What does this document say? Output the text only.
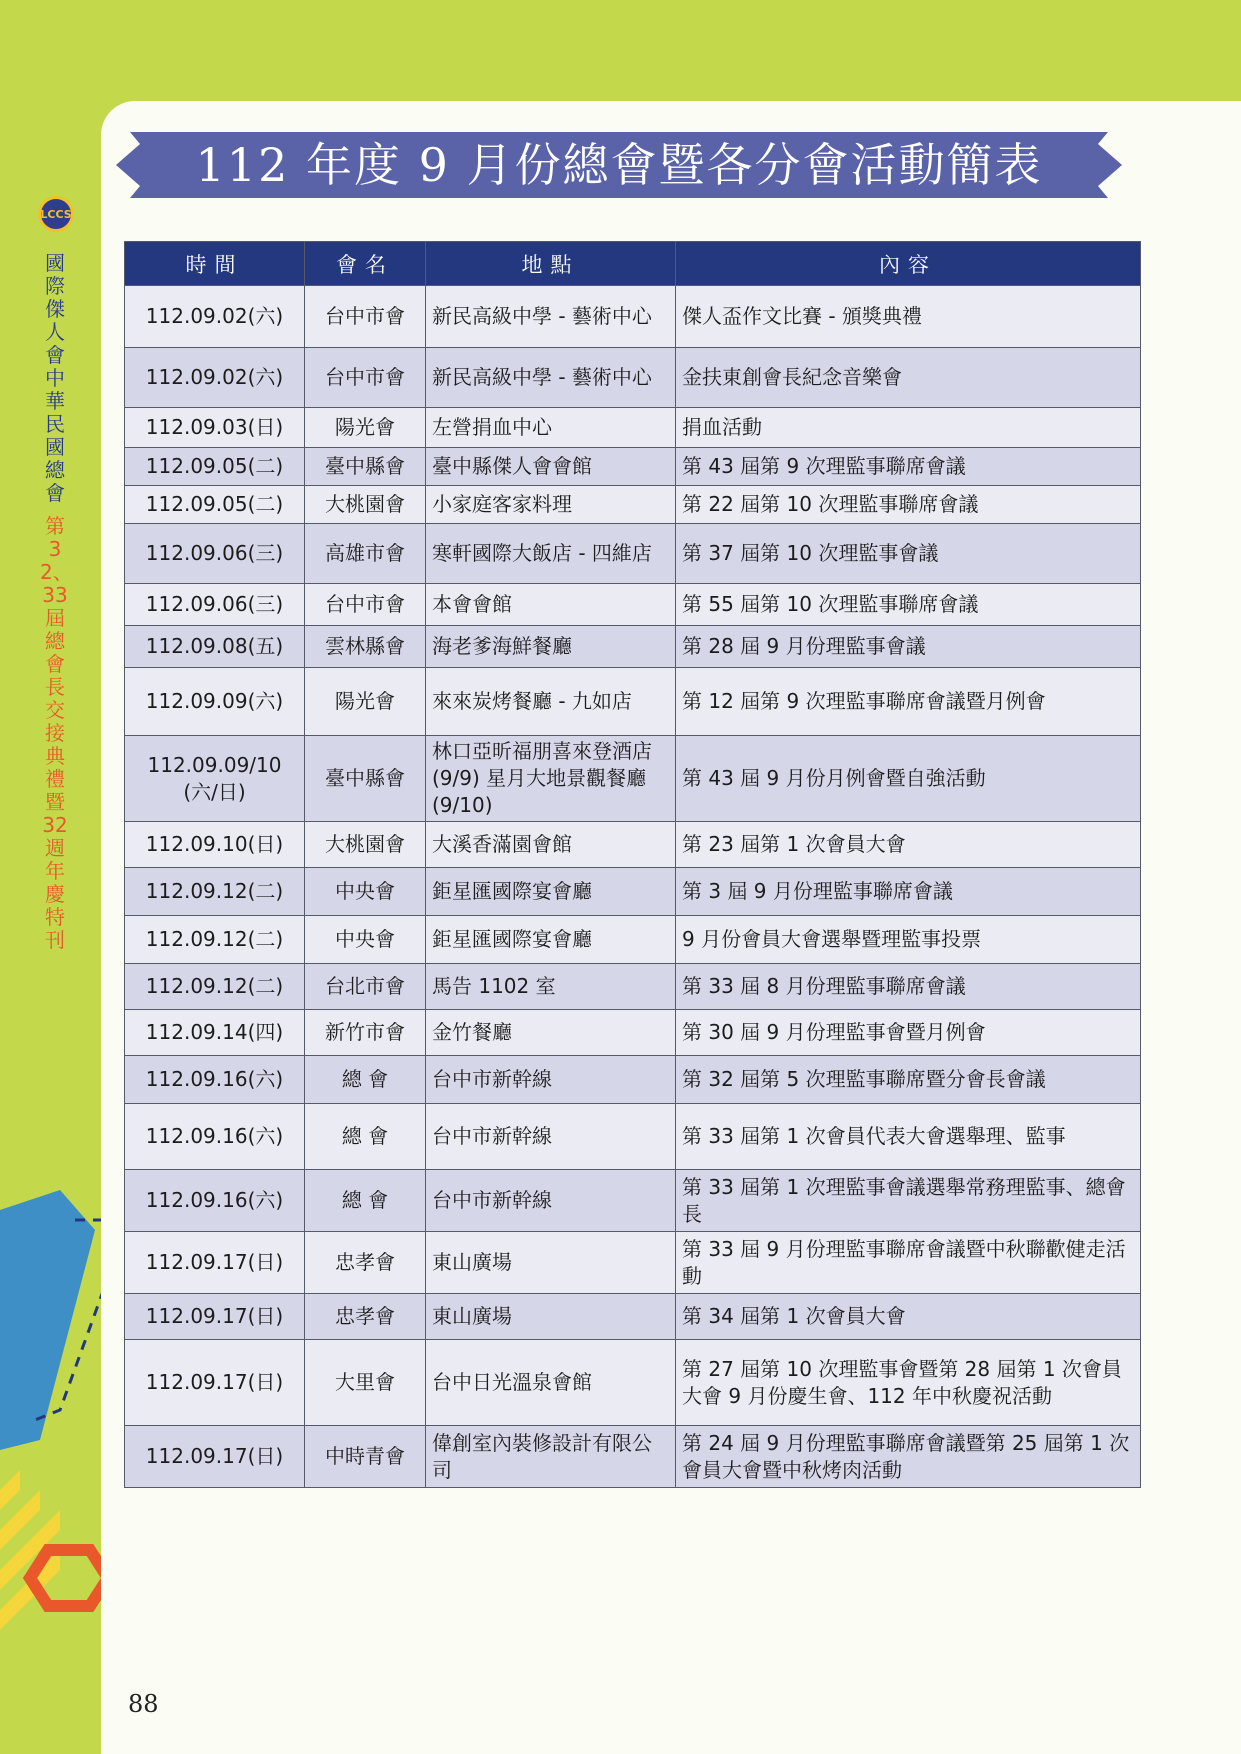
LCCS
國際傑人會中華民國總會
第32、33屆總會長交接典禮暨32週年慶特刊
112 年度 9 月份總會暨各分會活動簡表
時間	會名	地點	內容
112.09.02(六)	台中市會	新民高級中學 - 藝術中心	傑人盃作文比賽 - 頒獎典禮
112.09.02(六)	台中市會	新民高級中學 - 藝術中心	金扶東創會長紀念音樂會
112.09.03(日)	陽光會	左營捐血中心	捐血活動
112.09.05(二)	臺中縣會	臺中縣傑人會會館	第 43 屆第 9 次理監事聯席會議
112.09.05(二)	大桃園會	小家庭客家料理	第 22 屆第 10 次理監事聯席會議
112.09.06(三)	高雄市會	寒軒國際大飯店 - 四維店	第 37 屆第 10 次理監事會議
112.09.06(三)	台中市會	本會會館	第 55 屆第 10 次理監事聯席會議
112.09.08(五)	雲林縣會	海老爹海鮮餐廳	第 28 屆 9 月份理監事會議
112.09.09(六)	陽光會	來來炭烤餐廳 - 九如店	第 12 屆第 9 次理監事聯席會議暨月例會
112.09.09/10 (六/日)	臺中縣會	林口亞昕福朋喜來登酒店 (9/9) 星月大地景觀餐廳 (9/10)	第 43 屆 9 月份月例會暨自強活動
112.09.10(日)	大桃園會	大溪香滿園會館	第 23 屆第 1 次會員大會
112.09.12(二)	中央會	鉅星匯國際宴會廳	第 3 屆 9 月份理監事聯席會議
112.09.12(二)	中央會	鉅星匯國際宴會廳	9 月份會員大會選舉暨理監事投票
112.09.12(二)	台北市會	馬告 1102 室	第 33 屆 8 月份理監事聯席會議
112.09.14(四)	新竹市會	金竹餐廳	第 30 屆 9 月份理監事會暨月例會
112.09.16(六)	總 會	台中市新幹線	第 32 屆第 5 次理監事聯席暨分會長會議
112.09.16(六)	總 會	台中市新幹線	第 33 屆第 1 次會員代表大會選舉理、監事
112.09.16(六)	總 會	台中市新幹線	第 33 屆第 1 次理監事會議選舉常務理監事、總會長
112.09.17(日)	忠孝會	東山廣場	第 33 屆 9 月份理監事聯席會議暨中秋聯歡健走活動
112.09.17(日)	忠孝會	東山廣場	第 34 屆第 1 次會員大會
112.09.17(日)	大里會	台中日光溫泉會館	第 27 屆第 10 次理監事會暨第 28 屆第 1 次會員大會 9 月份慶生會、112 年中秋慶祝活動
112.09.17(日)	中時青會	偉創室內裝修設計有限公司	第 24 屆 9 月份理監事聯席會議暨第 25 屆第 1 次會員大會暨中秋烤肉活動
88
